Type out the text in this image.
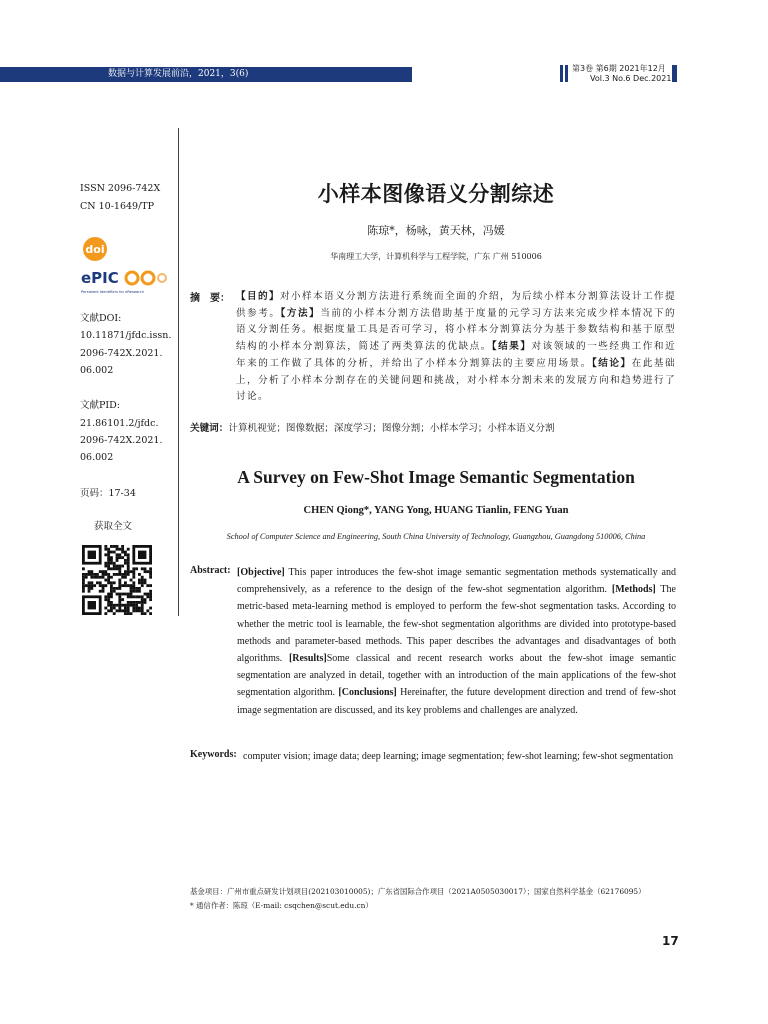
数据与计算发展前沿，2021，3(6)
第3卷 第6期 2021年12月
Vol.3 No.6 Dec.2021
ISSN 2096-742X
CN 10-1649/TP
doi
ePIC
Persistent Identifiers for eResearch
文献DOI:
10.11871/jfdc.issn.
2096-742X.2021.
06.002
文献PID:
21.86101.2/jfdc.
2096-742X.2021.
06.002
页码：17-34
获取全文
小样本图像语义分割综述
陈琼*，杨咏，黄天林，冯媛
华南理工大学，计算机科学与工程学院，广东 广州 510006
摘　要： 【目的】对小样本语义分割方法进行系统而全面的介绍，为后续小样本分割算法设计工作提供参考。【方法】当前的小样本分割方法借助基于度量的元学习方法来完成少样本情况下的语义分割任务。根据度量工具是否可学习，将小样本分割算法分为基于参数结构和基于原型结构的小样本分割算法，简述了两类算法的优缺点。【结果】对该领域的一些经典工作和近年来的工作做了具体的分析，并给出了小样本分割算法的主要应用场景。【结论】在此基础上，分析了小样本分割存在的关键问题和挑战，对小样本分割未来的发展方向和趋势进行了讨论。
关键词：计算机视觉；图像数据；深度学习；图像分割；小样本学习；小样本语义分割
A Survey on Few-Shot Image Semantic Segmentation
CHEN Qiong*, YANG Yong, HUANG Tianlin, FENG Yuan
School of Computer Science and Engineering, South China University of Technology, Guangzhou, Guangdong 510006, China
Abstract: [Objective] This paper introduces the few-shot image semantic segmentation methods systematically and comprehensively, as a reference to the design of the few-shot segmentation algorithm. [Methods] The metric-based meta-learning method is employed to perform the few-shot segmentation tasks. According to whether the metric tool is learnable, the few-shot segmentation algorithms are divided into prototype-based methods and parameter-based methods. This paper describes the advantages and disadvantages of both algorithms. [Results]Some classical and recent research works about the few-shot image semantic segmentation are analyzed in detail, together with an introduction of the main applications of the few-shot segmentation algorithm. [Conclusions] Hereinafter, the future development direction and trend of few-shot image segmentation are discussed, and its key problems and challenges are analyzed.
Keywords: computer vision; image data; deep learning; image segmentation; few-shot learning; few-shot segmentation
基金项目：广州市重点研发计划项目(202103010005)；广东省国际合作项目（2021A0505030017）；国家自然科学基金（62176095）
* 通信作者：陈琼（E-mail: csqchen@scut.edu.cn）
17
